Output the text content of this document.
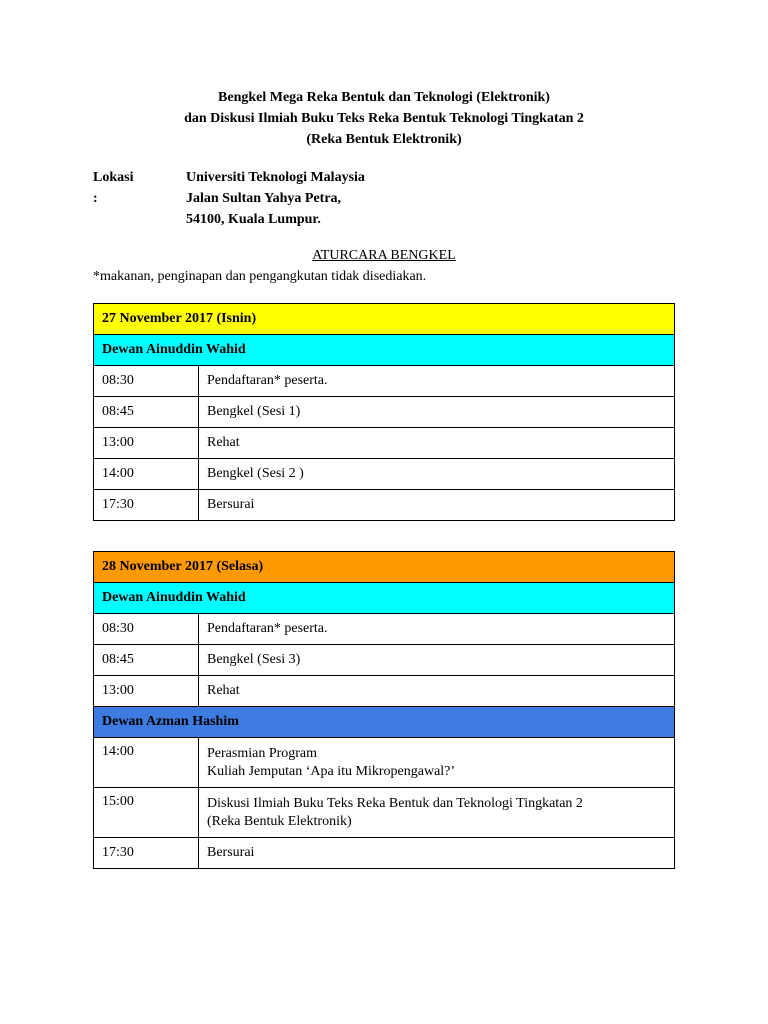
Bengkel Mega Reka Bentuk dan Teknologi (Elektronik)
dan Diskusi Ilmiah Buku Teks Reka Bentuk Teknologi Tingkatan 2
(Reka Bentuk Elektronik)
Lokasi :
Universiti Teknologi Malaysia
Jalan Sultan Yahya Petra,
54100, Kuala Lumpur.
ATURCARA BENGKEL
*makanan, penginapan dan pengangkutan tidak disediakan.
27 November 2017 (Isnin)	
Dewan Ainuddin Wahid	
08:30	Pendaftaran* peserta.
08:45	Bengkel (Sesi 1)
13:00	Rehat
14:00	Bengkel (Sesi 2 )
17:30	Bersurai
28 November 2017 (Selasa)	
Dewan Ainuddin Wahid	
08:30	Pendaftaran* peserta.
08:45	Bengkel (Sesi 3)
13:00	Rehat
Dewan Azman Hashim	
14:00	Perasmian Program
Kuliah Jemputan ‘Apa itu Mikropengawal?’

15:00	Diskusi Ilmiah Buku Teks Reka Bentuk dan Teknologi Tingkatan 2
(Reka Bentuk Elektronik)

17:30	Bersurai
